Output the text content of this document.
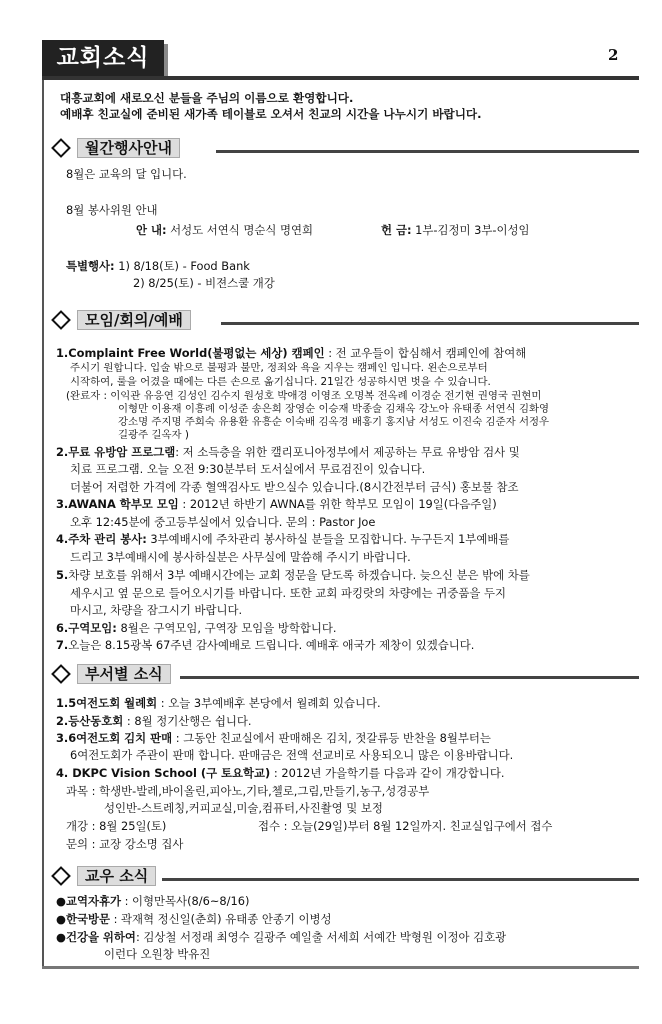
교회소식	2
대흥교회에 새로오신 분들을 주님의 이름으로 환영합니다.
예배후 친교실에 준비된 새가족 테이블로 오셔서 친교의 시간을 나누시기 바랍니다.
월간행사안내
8월은 교육의 달 입니다.
8월 봉사위원 안내
안 내: 서성도 서연식 명순식 명연희	헌 금: 1부-김정미 3부-이성임
특별행사: 1) 8/18(토) - Food Bank
2) 8/25(토) - 비젼스쿨 개강
모임/회의/예배
1.Complaint Free World(불평없는 세상) 캠페인 : 전 교우들이 합심해서 캠페인에 참여해
주시기 원합니다. 입술 밖으로 불평과 불만, 정죄와 욕을 지우는 캠페인 입니다. 왼손으로부터
시작하여, 룰을 어겼을 때에는 다른 손으로 옮기십니다. 21일간 성공하시면 벗을 수 있습니다.
(완료자 : 이익관 유응연 김성인 김수지 원성호 박애경 이영조 오명복 전옥례 이경순 전기현 권영국 권현미
이형만 이용재 이흥례 이성준 송은희 장영순 이승재 박종술 김채옥 강노아 유태종 서연식 김화영
강소명 주지명 주희숙 유용환 유흥순 이숙배 김옥경 배홍기 홍지남 서성도 이진숙 김준자 서정우
길광주 길옥자 )
2.무료 유방암 프로그램: 저 소득층을 위한 캘리포니아정부에서 제공하는 무료 유방암 검사 및
치료 프로그램. 오늘 오전 9:30분부터 도서실에서 무료검진이 있습니다.
더불어 저렴한 가격에 각종 혈액검사도 받으실수 있습니다.(8시간전부터 금식) 홍보물 참조
3.AWANA 학부모 모임 : 2012년 하반기 AWNA를 위한 학부모 모임이 19일(다음주일)
오후 12:45분에 중고등부실에서 있습니다. 문의 : Pastor Joe
4.주차 관리 봉사: 3부예배시에 주차관리 봉사하실 분들을 모집합니다. 누구든지 1부예배를
드리고 3부예배시에 봉사하실분은 사무실에 말씀해 주시기 바랍니다.
5.차량 보호를 위해서 3부 예배시간에는 교회 정문을 닫도록 하겠습니다. 늦으신 분은 밖에 차를
세우시고 옆 문으로 들어오시기를 바랍니다. 또한 교회 파킹랏의 차량에는 귀중품을 두지
마시고, 차량을 잠그시기 바랍니다.
6.구역모임: 8월은 구역모임, 구역장 모임을 방학합니다.
7.오늘은 8.15광복 67주년 감사예배로 드립니다. 예배후 애국가 제창이 있겠습니다.
부서별 소식
1.5여전도회 월례회 : 오늘 3부예배후 본당에서 월례회 있습니다.
2.등산동호회 : 8월 정기산행은 쉽니다.
3.6여전도회 김치 판매 : 그동안 친교실에서 판매해온 김치, 젓갈류등 반찬을 8월부터는
6여전도회가 주관이 판매 합니다. 판매금은 전액 선교비로 사용되오니 많은 이용바랍니다.
4. DKPC Vision School (구 토요학교) : 2012년 가을학기를 다음과 같이 개강합니다.
과목 : 학생반-발레,바이올린,피아노,기타,첼로,그림,만들기,농구,성경공부
성인반-스트레칭,커피교실,미술,컴퓨터,사진촬영 및 보정
개강 : 8월 25일(토)	접수 : 오늘(29일)부터 8월 12일까지. 친교실입구에서 접수
문의 : 교장 강소명 집사
교우 소식
●교역자휴가 : 이형만목사(8/6~8/16)
●한국방문 : 곽재혁 정신일(춘희) 유태종 안종기 이병성
●건강을 위하여: 김상철 서정래 최영수 길광주 예일출 서세희 서예간 박형원 이정아 김호광
이런다 오원창 박유진
